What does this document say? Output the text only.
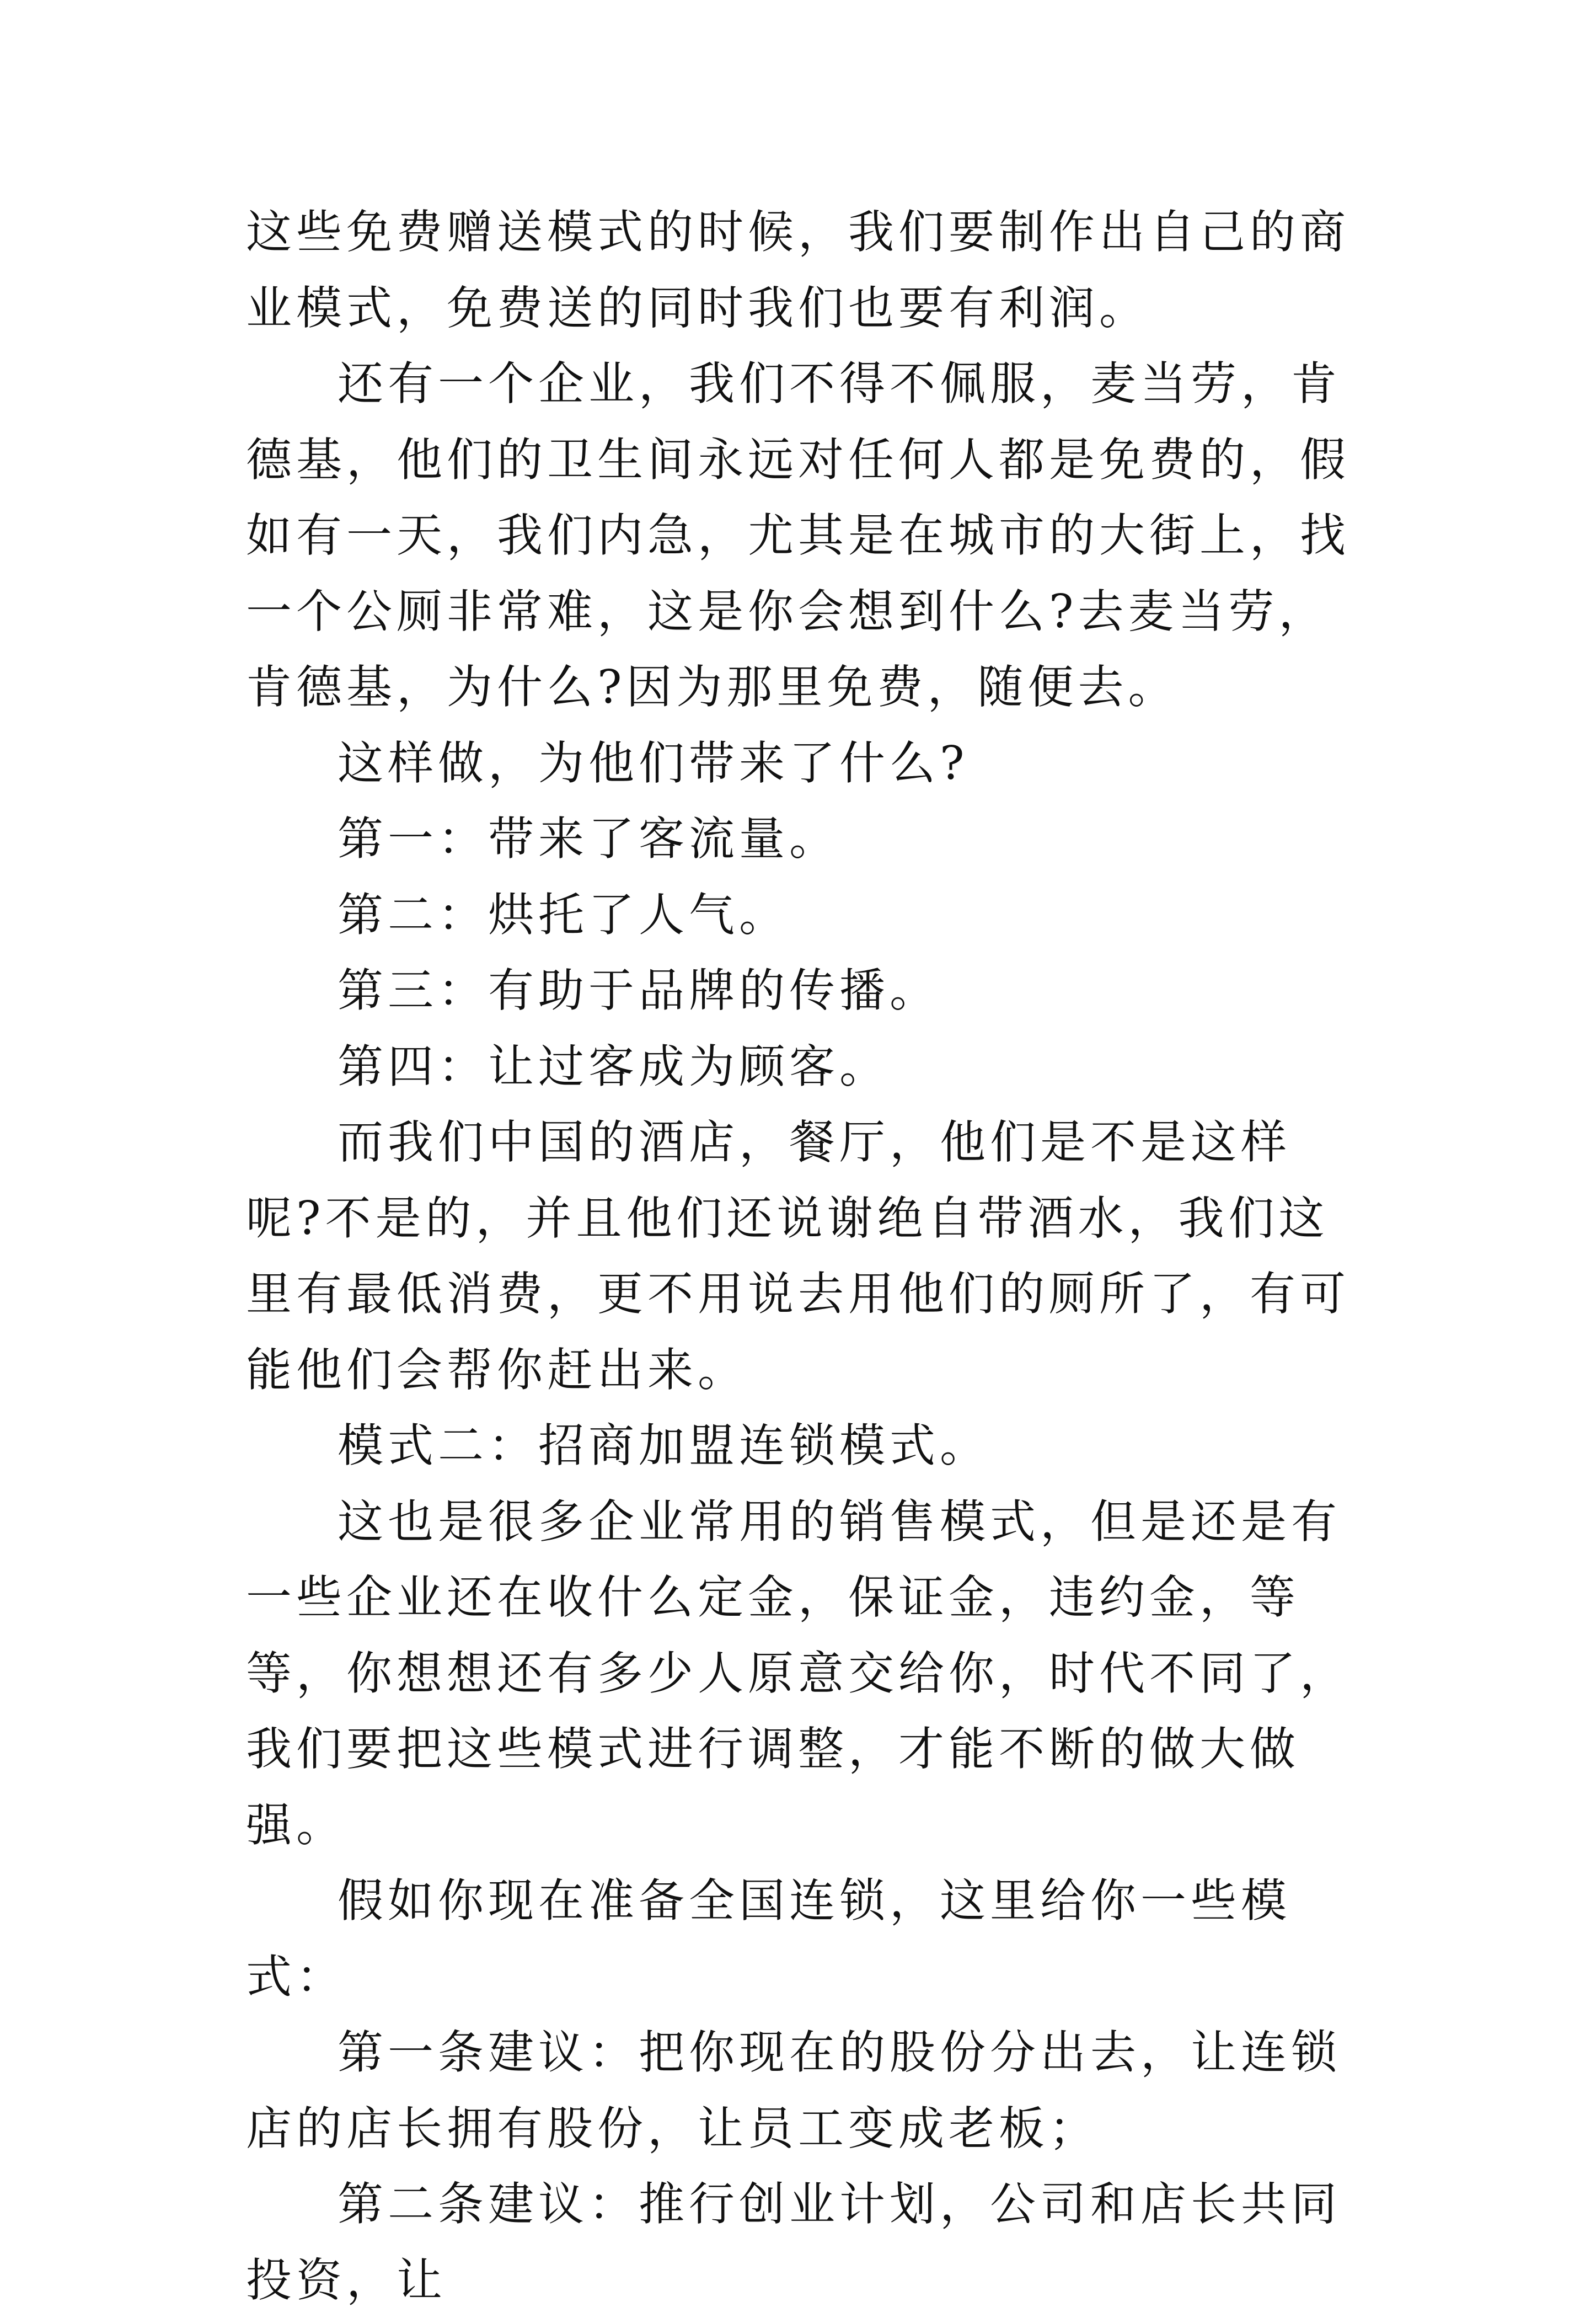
这些免费赠送模式的时候，我们要制作出自己的商业模式，免费送的同时我们也要有利润。

还有一个企业，我们不得不佩服，麦当劳，肯德基，他们的卫生间永远对任何人都是免费的，假如有一天，我们内急，尤其是在城市的大街上，找一个公厕非常难，这是你会想到什么?去麦当劳，肯德基，为什么?因为那里免费，随便去。

这样做，为他们带来了什么?

第一：带来了客流量。

第二：烘托了人气。

第三：有助于品牌的传播。

第四：让过客成为顾客。

而我们中国的酒店，餐厅，他们是不是这样呢?不是的，并且他们还说谢绝自带酒水，我们这里有最低消费，更不用说去用他们的厕所了，有可能他们会帮你赶出来。

模式二：招商加盟连锁模式。

这也是很多企业常用的销售模式，但是还是有一些企业还在收什么定金，保证金，违约金，等等，你想想还有多少人原意交给你，时代不同了，我们要把这些模式进行调整，才能不断的做大做强。

假如你现在准备全国连锁，这里给你一些模式：

第一条建议：把你现在的股份分出去，让连锁店的店长拥有股份，让员工变成老板；

第二条建议：推行创业计划，公司和店长共同投资，让
